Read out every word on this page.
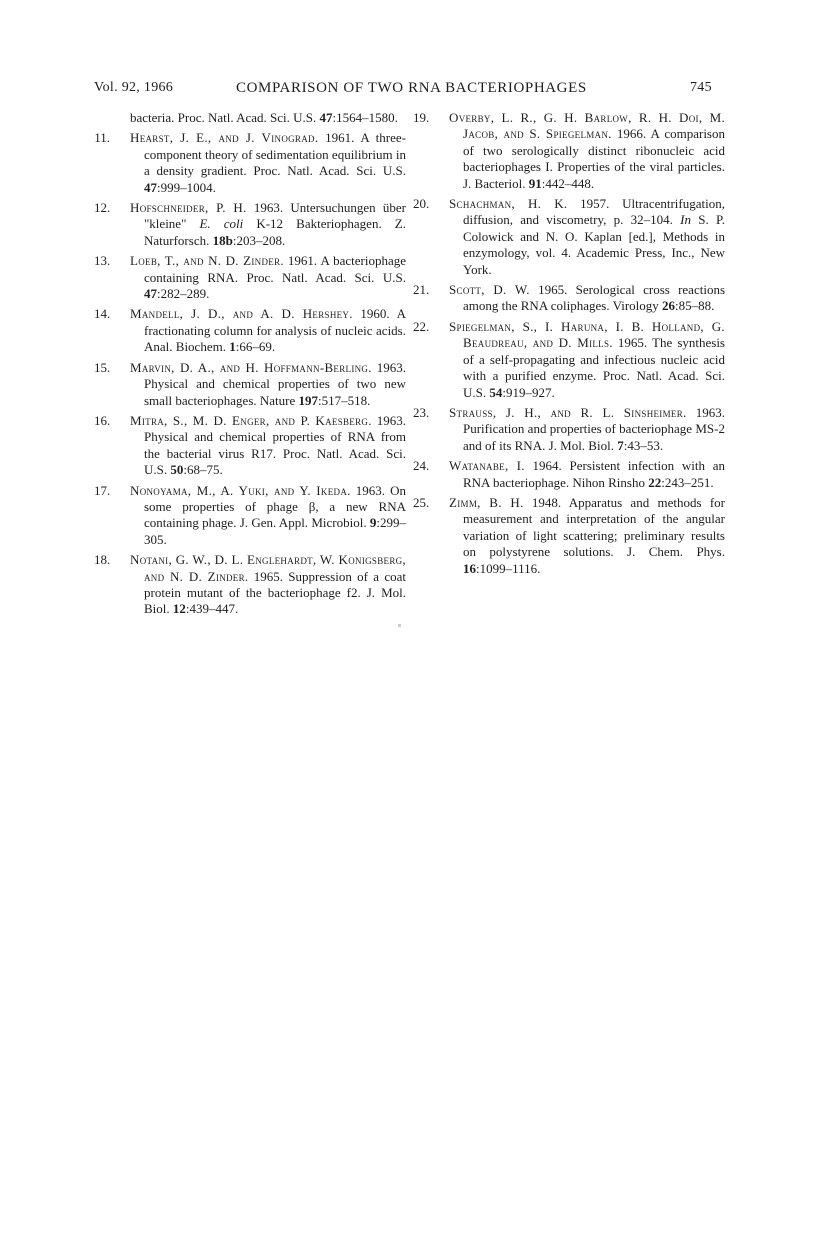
Vol. 92, 1966	COMPARISON OF TWO RNA BACTERIOPHAGES	745
bacteria. Proc. Natl. Acad. Sci. U.S. 47:1564–1580.
11. Hearst, J. E., and J. Vinograd. 1961. A three-component theory of sedimentation equilibrium in a density gradient. Proc. Natl. Acad. Sci. U.S. 47:999–1004.
12. Hofschneider, P. H. 1963. Untersuchungen über "kleine" E. coli K-12 Bakteriophagen. Z. Naturforsch. 18b:203–208.
13. Loeb, T., and N. D. Zinder. 1961. A bacteriophage containing RNA. Proc. Natl. Acad. Sci. U.S. 47:282–289.
14. Mandell, J. D., and A. D. Hershey. 1960. A fractionating column for analysis of nucleic acids. Anal. Biochem. 1:66–69.
15. Marvin, D. A., and H. Hoffmann-Berling. 1963. Physical and chemical properties of two new small bacteriophages. Nature 197:517–518.
16. Mitra, S., M. D. Enger, and P. Kaesberg. 1963. Physical and chemical properties of RNA from the bacterial virus R17. Proc. Natl. Acad. Sci. U.S. 50:68–75.
17. Nonoyama, M., A. Yuki, and Y. Ikeda. 1963. On some properties of phage β, a new RNA containing phage. J. Gen. Appl. Microbiol. 9:299–305.
18. Notani, G. W., D. L. Englehardt, W. Konigsberg, and N. D. Zinder. 1965. Suppression of a coat protein mutant of the bacteriophage f2. J. Mol. Biol. 12:439–447.
19. Overby, L. R., G. H. Barlow, R. H. Doi, M. Jacob, and S. Spiegelman. 1966. A comparison of two serologically distinct ribonucleic acid bacteriophages I. Properties of the viral particles. J. Bacteriol. 91:442–448.
20. Schachman, H. K. 1957. Ultracentrifugation, diffusion, and viscometry, p. 32–104. In S. P. Colowick and N. O. Kaplan [ed.], Methods in enzymology, vol. 4. Academic Press, Inc., New York.
21. Scott, D. W. 1965. Serological cross reactions among the RNA coliphages. Virology 26:85–88.
22. Spiegelman, S., I. Haruna, I. B. Holland, G. Beaudreau, and D. Mills. 1965. The synthesis of a self-propagating and infectious nucleic acid with a purified enzyme. Proc. Natl. Acad. Sci. U.S. 54:919–927.
23. Strauss, J. H., and R. L. Sinsheimer. 1963. Purification and properties of bacteriophage MS-2 and of its RNA. J. Mol. Biol. 7:43–53.
24. Watanabe, I. 1964. Persistent infection with an RNA bacteriophage. Nihon Rinsho 22:243–251.
25. Zimm, B. H. 1948. Apparatus and methods for measurement and interpretation of the angular variation of light scattering; preliminary results on polystyrene solutions. J. Chem. Phys. 16:1099–1116.
